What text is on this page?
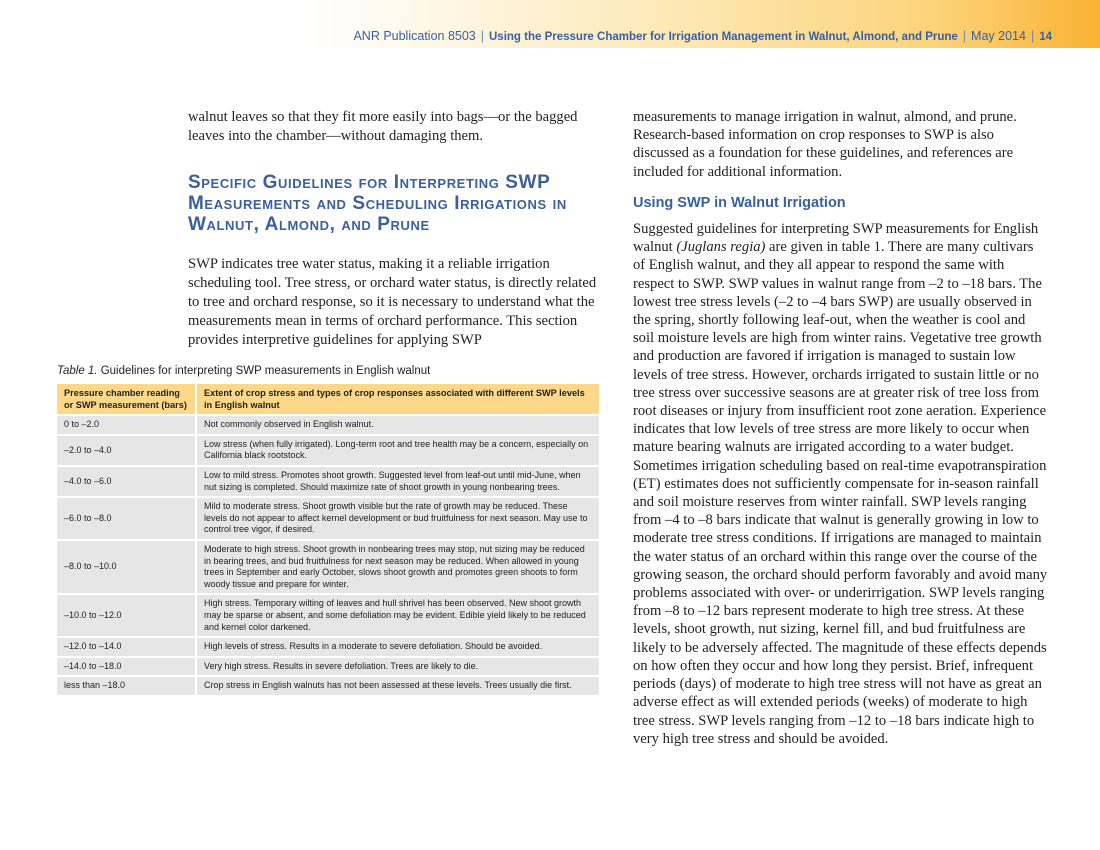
ANR Publication 8503 | Using the Pressure Chamber for Irrigation Management in Walnut, Almond, and Prune | May 2014 | 14

walnut leaves so that they fit more easily into bags—or the bagged leaves into the chamber—without damaging them.

Specific Guidelines for Interpreting SWP Measurements and Scheduling Irrigations in Walnut, Almond, and Prune

SWP indicates tree water status, making it a reliable irrigation scheduling tool. Tree stress, or orchard water status, is directly related to tree and orchard response, so it is necessary to understand what the measurements mean in terms of orchard performance. This section provides interpretive guidelines for applying SWP

Table 1. Guidelines for interpreting SWP measurements in English walnut
Pressure chamber reading or SWP measurement (bars)	Extent of crop stress and types of crop responses associated with different SWP levels in English walnut
0 to –2.0	Not commonly observed in English walnut.
–2.0 to –4.0	Low stress (when fully irrigated). Long-term root and tree health may be a concern, especially on California black rootstock.
–4.0 to –6.0	Low to mild stress. Promotes shoot growth. Suggested level from leaf-out until mid-June, when nut sizing is completed. Should maximize rate of shoot growth in young nonbearing trees.
–6.0 to –8.0	Mild to moderate stress. Shoot growth visible but the rate of growth may be reduced. These levels do not appear to affect kernel development or bud fruitfulness for next season. May use to control tree vigor, if desired.
–8.0 to –10.0	Moderate to high stress. Shoot growth in nonbearing trees may stop, nut sizing may be reduced in bearing trees, and bud fruitfulness for next season may be reduced. When allowed in young trees in September and early October, slows shoot growth and promotes green shoots to form woody tissue and prepare for winter.
–10.0 to –12.0	High stress. Temporary wilting of leaves and hull shrivel has been observed. New shoot growth may be sparse or absent, and some defoliation may be evident. Edible yield likely to be reduced and kernel color darkened.
–12.0 to –14.0	High levels of stress. Results in a moderate to severe defoliation. Should be avoided.
–14.0 to –18.0	Very high stress. Results in severe defoliation. Trees are likely to die.
less than –18.0	Crop stress in English walnuts has not been assessed at these levels. Trees usually die first.

measurements to manage irrigation in walnut, almond, and prune. Research-based information on crop responses to SWP is also discussed as a foundation for these guidelines, and references are included for additional information.

Using SWP in Walnut Irrigation

Suggested guidelines for interpreting SWP measurements for English walnut (Juglans regia) are given in table 1. There are many cultivars of English walnut, and they all appear to respond the same with respect to SWP. SWP values in walnut range from –2 to –18 bars. The lowest tree stress levels (–2 to –4 bars SWP) are usually observed in the spring, shortly following leaf-out, when the weather is cool and soil moisture levels are high from winter rains. Vegetative tree growth and production are favored if irrigation is managed to sustain low levels of tree stress. However, orchards irrigated to sustain little or no tree stress over successive seasons are at greater risk of tree loss from root diseases or injury from insufficient root zone aeration. Experience indicates that low levels of tree stress are more likely to occur when mature bearing walnuts are irrigated according to a water budget. Sometimes irrigation scheduling based on real-time evapotranspiration (ET) estimates does not sufficiently compensate for in-season rainfall and soil moisture reserves from winter rainfall. SWP levels ranging from –4 to –8 bars indicate that walnut is generally growing in low to moderate tree stress conditions. If irrigations are managed to maintain the water status of an orchard within this range over the course of the growing season, the orchard should perform favorably and avoid many problems associated with over- or underirrigation. SWP levels ranging from –8 to –12 bars represent moderate to high tree stress. At these levels, shoot growth, nut sizing, kernel fill, and bud fruitfulness are likely to be adversely affected. The magnitude of these effects depends on how often they occur and how long they persist. Brief, infrequent periods (days) of moderate to high tree stress will not have as great an adverse effect as will extended periods (weeks) of moderate to high tree stress. SWP levels ranging from –12 to –18 bars indicate high to very high tree stress and should be avoided.
